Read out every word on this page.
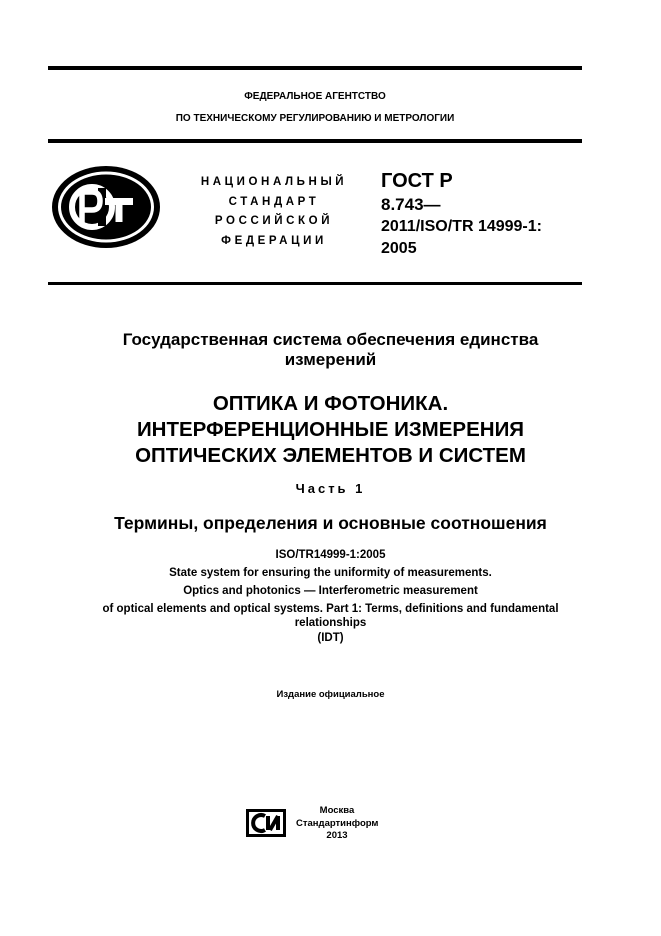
ФЕДЕРАЛЬНОЕ АГЕНТСТВО
ПО ТЕХНИЧЕСКОМУ РЕГУЛИРОВАНИЮ И МЕТРОЛОГИИ
НАЦИОНАЛЬНЫЙ
СТАНДАРТ
РОССИЙСКОЙ
ФЕДЕРАЦИИ
ГОСТ Р
8.743—
2011/ISO/TR 14999-1:
2005
Государственная система обеспечения единства
измерений
ОПТИКА И ФОТОНИКА.
ИНТЕРФЕРЕНЦИОННЫЕ ИЗМЕРЕНИЯ
ОПТИЧЕСКИХ ЭЛЕМЕНТОВ И СИСТЕМ
Часть 1
Термины, определения и основные соотношения
ISO/TR14999-1:2005
State system for ensuring the uniformity of measurements.
Optics and photonics — Interferometric measurement
of optical elements and optical systems. Part 1: Terms, definitions and fundamental
relationships
(IDT)
Издание официальное
Москва
Стандартинформ
2013
